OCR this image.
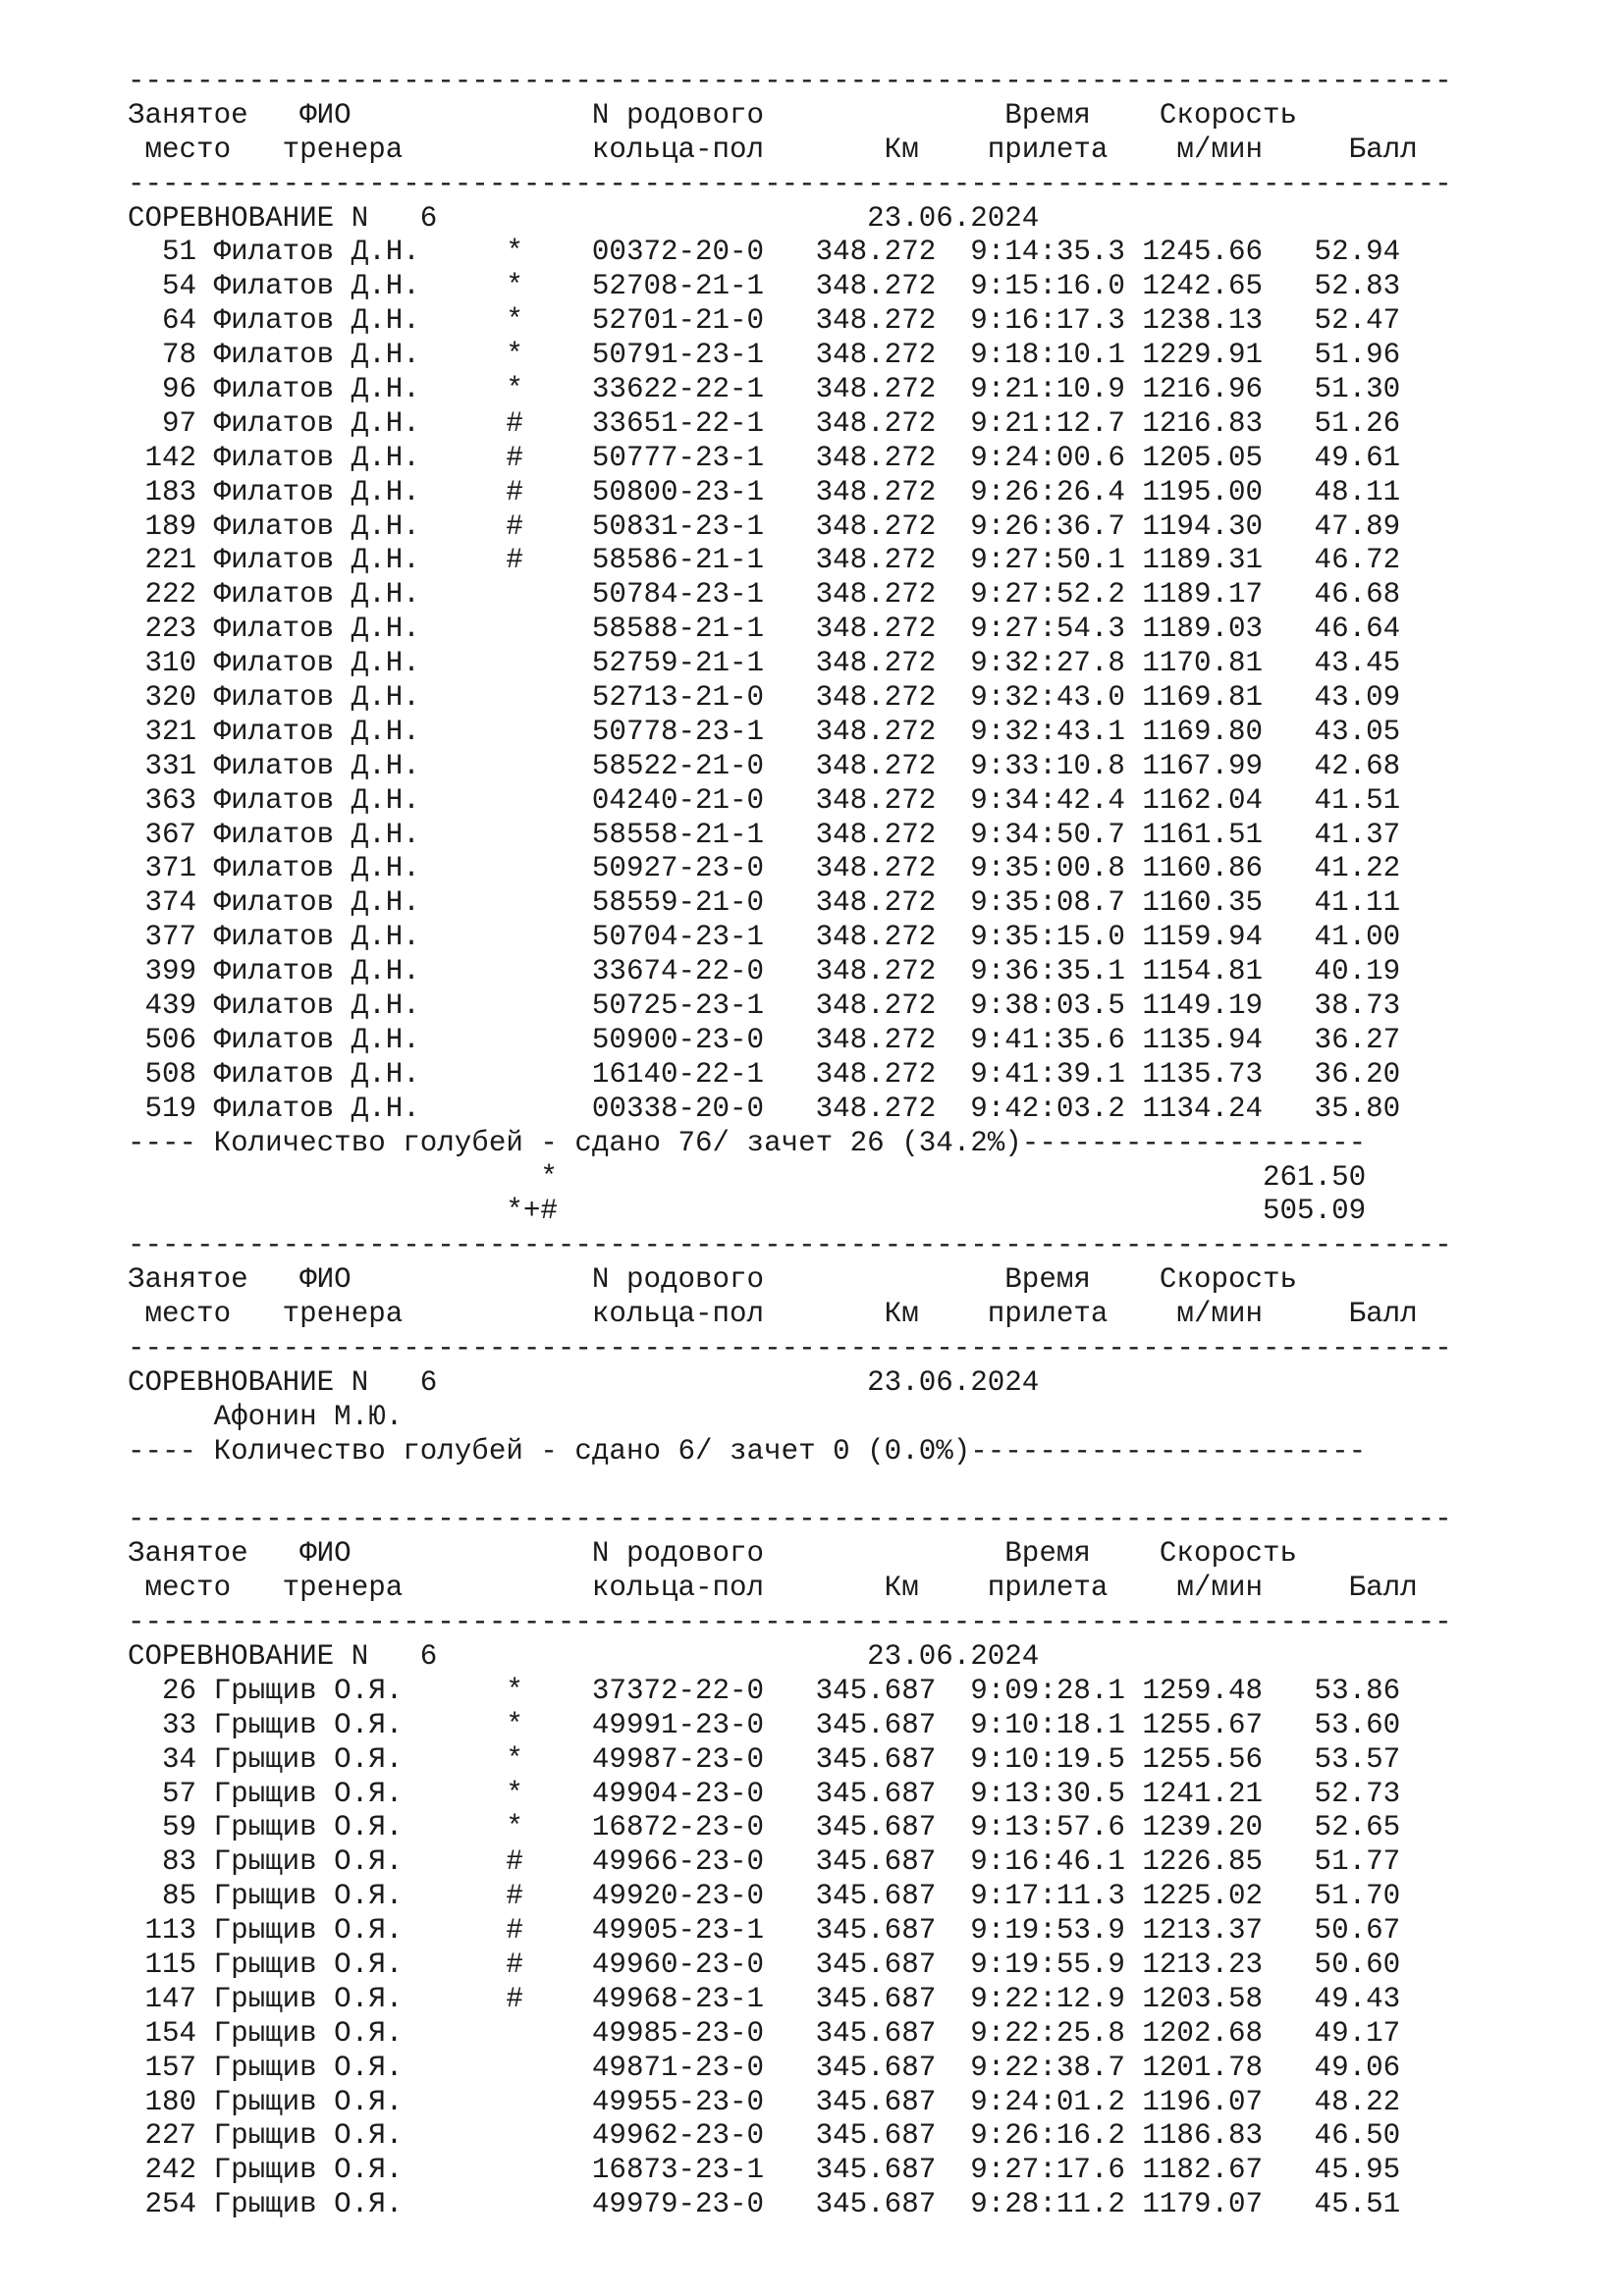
-----------------------------------------------------------------------------
Занятое   ФИО              N родового              Время    Скорость
место   тренера           кольца-пол       Км    прилета    м/мин     Балл
-----------------------------------------------------------------------------
СОРЕВНОВАНИЕ N   6                         23.06.2024
51 Филатов Д.Н.     *    00372-20-0   348.272  9:14:35.3 1245.66   52.94
54 Филатов Д.Н.     *    52708-21-1   348.272  9:15:16.0 1242.65   52.83
64 Филатов Д.Н.     *    52701-21-0   348.272  9:16:17.3 1238.13   52.47
78 Филатов Д.Н.     *    50791-23-1   348.272  9:18:10.1 1229.91   51.96
96 Филатов Д.Н.     *    33622-22-1   348.272  9:21:10.9 1216.96   51.30
97 Филатов Д.Н.     #    33651-22-1   348.272  9:21:12.7 1216.83   51.26
142 Филатов Д.Н.     #    50777-23-1   348.272  9:24:00.6 1205.05   49.61
183 Филатов Д.Н.     #    50800-23-1   348.272  9:26:26.4 1195.00   48.11
189 Филатов Д.Н.     #    50831-23-1   348.272  9:26:36.7 1194.30   47.89
221 Филатов Д.Н.     #    58586-21-1   348.272  9:27:50.1 1189.31   46.72
222 Филатов Д.Н.          50784-23-1   348.272  9:27:52.2 1189.17   46.68
223 Филатов Д.Н.          58588-21-1   348.272  9:27:54.3 1189.03   46.64
310 Филатов Д.Н.          52759-21-1   348.272  9:32:27.8 1170.81   43.45
320 Филатов Д.Н.          52713-21-0   348.272  9:32:43.0 1169.81   43.09
321 Филатов Д.Н.          50778-23-1   348.272  9:32:43.1 1169.80   43.05
331 Филатов Д.Н.          58522-21-0   348.272  9:33:10.8 1167.99   42.68
363 Филатов Д.Н.          04240-21-0   348.272  9:34:42.4 1162.04   41.51
367 Филатов Д.Н.          58558-21-1   348.272  9:34:50.7 1161.51   41.37
371 Филатов Д.Н.          50927-23-0   348.272  9:35:00.8 1160.86   41.22
374 Филатов Д.Н.          58559-21-0   348.272  9:35:08.7 1160.35   41.11
377 Филатов Д.Н.          50704-23-1   348.272  9:35:15.0 1159.94   41.00
399 Филатов Д.Н.          33674-22-0   348.272  9:36:35.1 1154.81   40.19
439 Филатов Д.Н.          50725-23-1   348.272  9:38:03.5 1149.19   38.73
506 Филатов Д.Н.          50900-23-0   348.272  9:41:35.6 1135.94   36.27
508 Филатов Д.Н.          16140-22-1   348.272  9:41:39.1 1135.73   36.20
519 Филатов Д.Н.          00338-20-0   348.272  9:42:03.2 1134.24   35.80
---- Количество голубей - сдано 76/ зачет 26 (34.2%)--------------------
*                                         261.50
*+#                                         505.09
-----------------------------------------------------------------------------
Занятое   ФИО              N родового              Время    Скорость
место   тренера           кольца-пол       Км    прилета    м/мин     Балл
-----------------------------------------------------------------------------
СОРЕВНОВАНИЕ N   6                         23.06.2024
Афонин М.Ю.
---- Количество голубей - сдано 6/ зачет 0 (0.0%)-----------------------
-----------------------------------------------------------------------------
Занятое   ФИО              N родового              Время    Скорость
место   тренера           кольца-пол       Км    прилета    м/мин     Балл
-----------------------------------------------------------------------------
СОРЕВНОВАНИЕ N   6                         23.06.2024
26 Грыщив О.Я.      *    37372-22-0   345.687  9:09:28.1 1259.48   53.86
33 Грыщив О.Я.      *    49991-23-0   345.687  9:10:18.1 1255.67   53.60
34 Грыщив О.Я.      *    49987-23-0   345.687  9:10:19.5 1255.56   53.57
57 Грыщив О.Я.      *    49904-23-0   345.687  9:13:30.5 1241.21   52.73
59 Грыщив О.Я.      *    16872-23-0   345.687  9:13:57.6 1239.20   52.65
83 Грыщив О.Я.      #    49966-23-0   345.687  9:16:46.1 1226.85   51.77
85 Грыщив О.Я.      #    49920-23-0   345.687  9:17:11.3 1225.02   51.70
113 Грыщив О.Я.      #    49905-23-1   345.687  9:19:53.9 1213.37   50.67
115 Грыщив О.Я.      #    49960-23-0   345.687  9:19:55.9 1213.23   50.60
147 Грыщив О.Я.      #    49968-23-1   345.687  9:22:12.9 1203.58   49.43
154 Грыщив О.Я.           49985-23-0   345.687  9:22:25.8 1202.68   49.17
157 Грыщив О.Я.           49871-23-0   345.687  9:22:38.7 1201.78   49.06
180 Грыщив О.Я.           49955-23-0   345.687  9:24:01.2 1196.07   48.22
227 Грыщив О.Я.           49962-23-0   345.687  9:26:16.2 1186.83   46.50
242 Грыщив О.Я.           16873-23-1   345.687  9:27:17.6 1182.67   45.95
254 Грыщив О.Я.           49979-23-0   345.687  9:28:11.2 1179.07   45.51
